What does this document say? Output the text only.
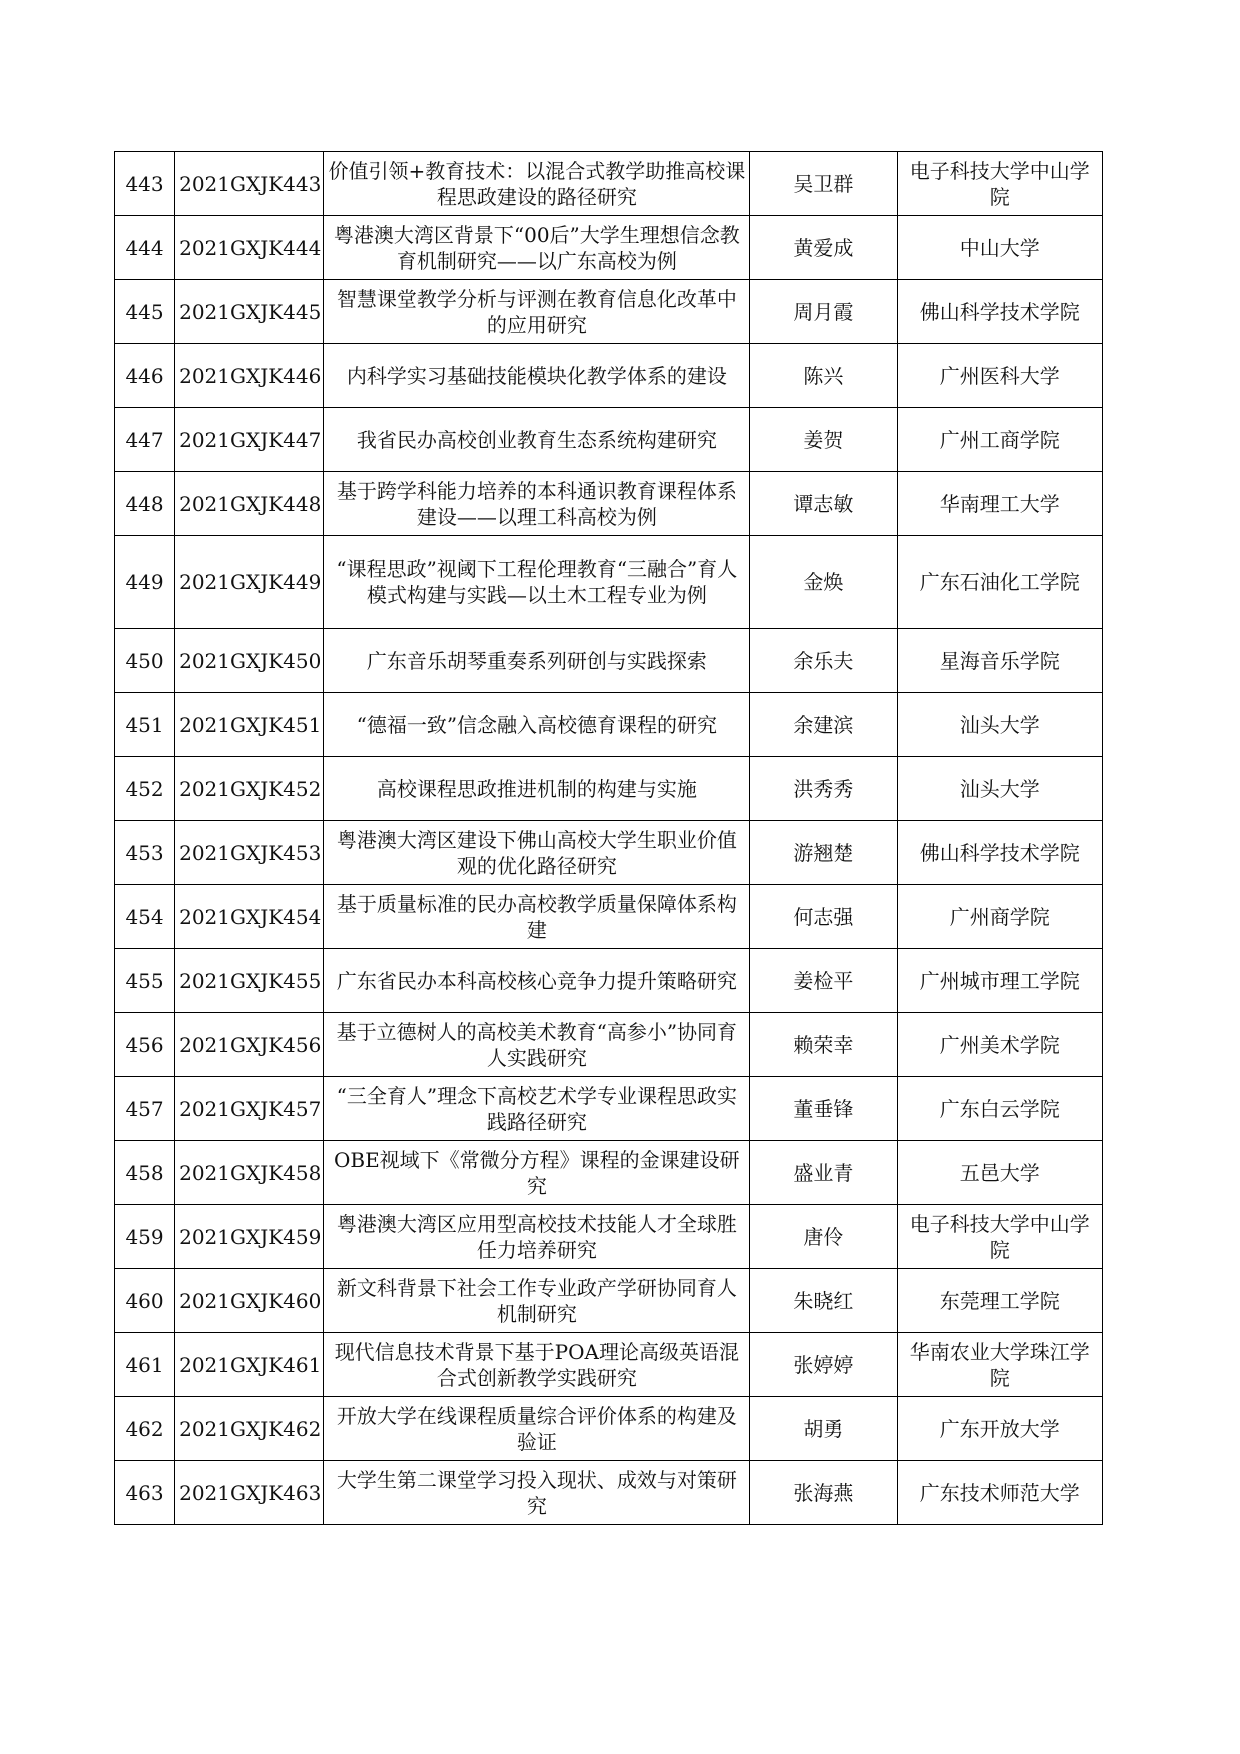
443	2021GXJK443	价值引领+教育技术：以混合式教学助推高校课程思政建设的路径研究	吴卫群	电子科技大学中山学院
444	2021GXJK444	粤港澳大湾区背景下“00后”大学生理想信念教育机制研究——以广东高校为例	黄爱成	中山大学
445	2021GXJK445	智慧课堂教学分析与评测在教育信息化改革中的应用研究	周月霞	佛山科学技术学院
446	2021GXJK446	内科学实习基础技能模块化教学体系的建设	陈兴	广州医科大学
447	2021GXJK447	我省民办高校创业教育生态系统构建研究	姜贺	广州工商学院
448	2021GXJK448	基于跨学科能力培养的本科通识教育课程体系建设——以理工科高校为例	谭志敏	华南理工大学
449	2021GXJK449	“课程思政”视阈下工程伦理教育“三融合”育人模式构建与实践—以土木工程专业为例	金焕	广东石油化工学院
450	2021GXJK450	广东音乐胡琴重奏系列研创与实践探索	余乐夫	星海音乐学院
451	2021GXJK451	“德福一致”信念融入高校德育课程的研究	余建滨	汕头大学
452	2021GXJK452	高校课程思政推进机制的构建与实施	洪秀秀	汕头大学
453	2021GXJK453	粤港澳大湾区建设下佛山高校大学生职业价值观的优化路径研究	游翘楚	佛山科学技术学院
454	2021GXJK454	基于质量标准的民办高校教学质量保障体系构建	何志强	广州商学院
455	2021GXJK455	广东省民办本科高校核心竞争力提升策略研究	姜检平	广州城市理工学院
456	2021GXJK456	基于立德树人的高校美术教育“高参小”协同育人实践研究	赖荣幸	广州美术学院
457	2021GXJK457	“三全育人”理念下高校艺术学专业课程思政实践路径研究	董垂锋	广东白云学院
458	2021GXJK458	OBE视域下《常微分方程》课程的金课建设研究	盛业青	五邑大学
459	2021GXJK459	粤港澳大湾区应用型高校技术技能人才全球胜任力培养研究	唐伶	电子科技大学中山学院
460	2021GXJK460	新文科背景下社会工作专业政产学研协同育人机制研究	朱晓红	东莞理工学院
461	2021GXJK461	现代信息技术背景下基于POA理论高级英语混合式创新教学实践研究	张婷婷	华南农业大学珠江学院
462	2021GXJK462	开放大学在线课程质量综合评价体系的构建及验证	胡勇	广东开放大学
463	2021GXJK463	大学生第二课堂学习投入现状、成效与对策研究	张海燕	广东技术师范大学
